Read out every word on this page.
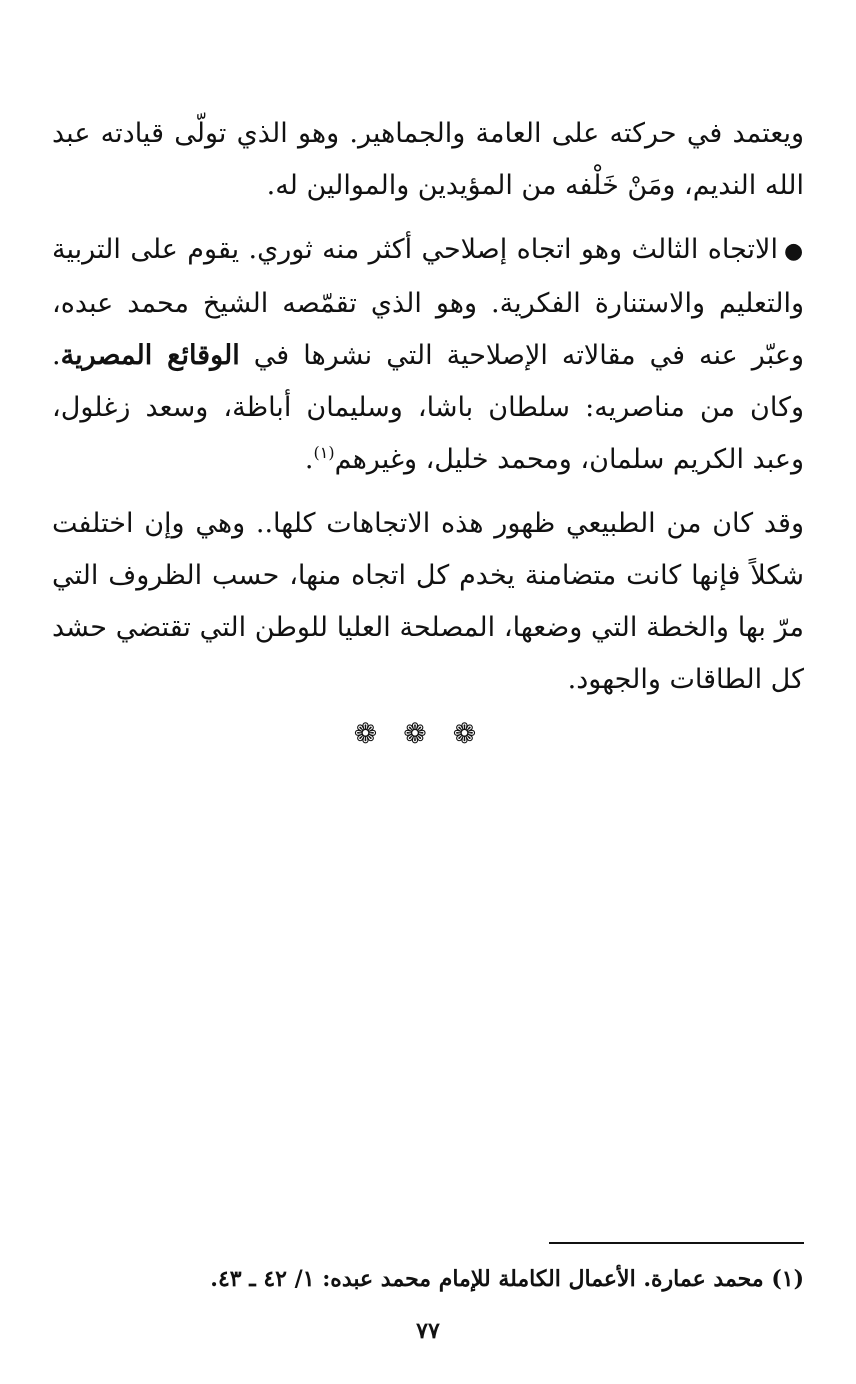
ويعتمد في حركته على العامة والجماهير. وهو الذي تولّى قيادته عبد الله النديم، ومَنْ خَلْفه من المؤيدين والموالين له.

●الاتجاه الثالث وهو اتجاه إصلاحي أكثر منه ثوري. يقوم على التربية والتعليم والاستنارة الفكرية. وهو الذي تقمّصه الشيخ محمد عبده، وعبّر عنه في مقالاته الإصلاحية التي نشرها في الوقائع المصرية. وكان من مناصريه: سلطان باشا، وسليمان أباظة، وسعد زغلول، وعبد الكريم سلمان، ومحمد خليل، وغيرهم$^{(١)}$.

وقد كان من الطبيعي ظهور هذه الاتجاهات كلها.. وهي وإن اختلفت شكلاً فإنها كانت متضامنة يخدم كل اتجاه منها، حسب الظروف التي مرّ بها والخطة التي وضعها، المصلحة العليا للوطن التي تقتضي حشد كل الطاقات والجهود.

❁❁❁
(١) محمد عمارة. الأعمال الكاملة للإمام محمد عبده: ١/ ٤٢ ـ ٤٣.
٧٧
